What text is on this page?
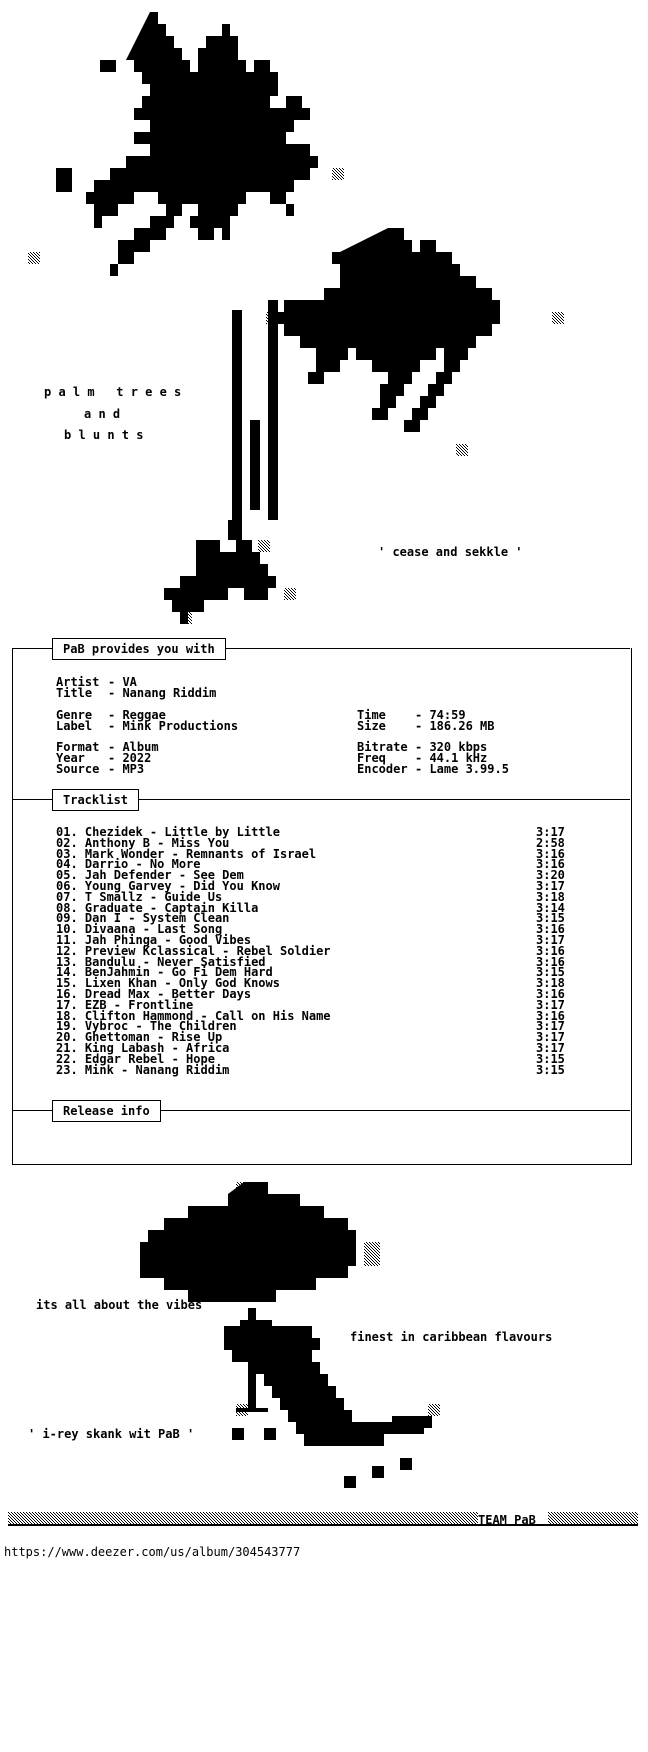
p a l m   t r e e s
a n d
b l u n t s
' cease and sekkle '
PaB provides you with
Artist - VA
Title - Nanang Riddim
Genre - Reggae
Label - Mink Productions
Time - 74:59
Size - 186.26 MB
Format - Album
Year - 2022
Source - MP3
Bitrate - 320 kbps
Freq - 44.1 kHz
Encoder - Lame 3.99.5
Tracklist
01. Chezidek - Little by Little	3:17
02. Anthony B - Miss You	2:58
03. Mark Wonder - Remnants of Israel	3:16
04. Darrio - No More	3:16
05. Jah Defender - See Dem	3:20
06. Young Garvey - Did You Know	3:17
07. T Smallz - Guide Us	3:18
08. Graduate - Captain Killa	3:14
09. Dan I - System Clean	3:15
10. Divaana - Last Song	3:16
11. Jah Phinga - Good Vibes	3:17
12. Preview Kclassical - Rebel Soldier	3:16
13. Bandulu - Never Satisfied	3:16
14. BenJahmin - Go Fi Dem Hard	3:15
15. Lixen Khan - Only God Knows	3:18
16. Dread Max - Better Days	3:16
17. EZB - Frontline	3:17
18. Clifton Hammond - Call on His Name	3:16
19. Vybroc - The Children	3:17
20. Ghettoman - Rise Up	3:17
21. King Labash - Africa	3:17
22. Edgar Rebel - Hope	3:15
23. Mink - Nanang Riddim	3:15
Release info
its all about the vibes
finest in caribbean flavours
' i-rey skank wit PaB '
TEAM PaB
https://www.deezer.com/us/album/304543777
